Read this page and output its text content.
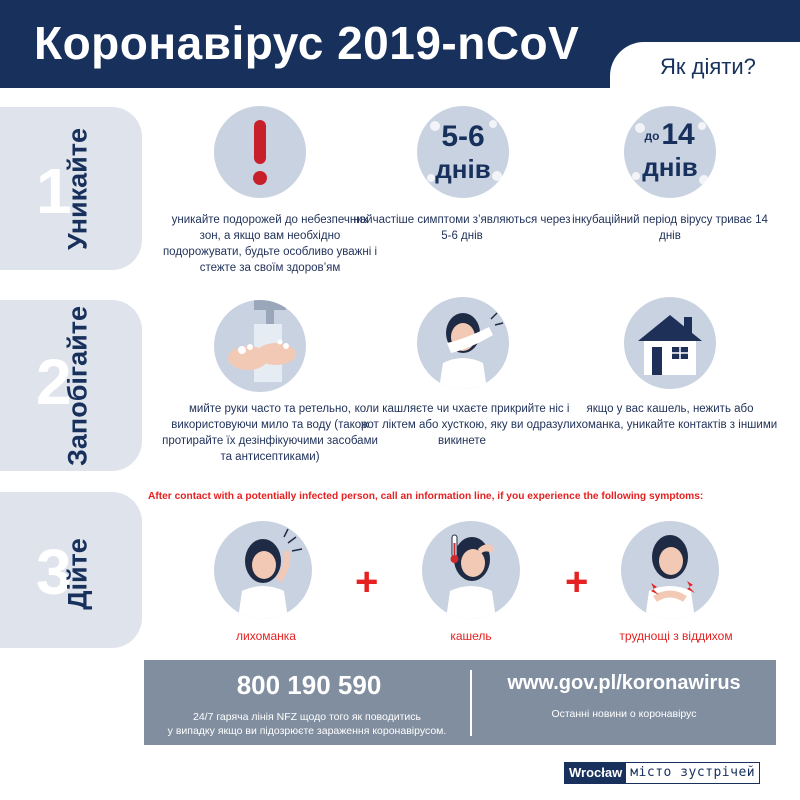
Коронавірус 2019-nCoV	Як діяти?
1
Уникайте	уникайте подорожей до небезпечних зон, а якщо вам необхідно подорожувати, будьте особливо уважні і стежте за своїм здоров’ям
5-6
днів
найчастіше симптоми з’являються через 5-6 днів
до 14
днів
інкубаційний період вірусу триває 14 днів
2
Запобігайте	мийте руки часто та ретельно, використовуючи мило та воду (також протирайте їх дезінфікуючими засобами та антисептиками)
коли кашляєте чи чхаєте прикрийте ніс і рот ліктем або хусткою, яку ви одразу викинете
якщо у вас кашель, нежить або лихоманка, уникайте контактів з іншими
3
Дійте
After contact with a potentially infected person, call an information line, if you experience the following symptoms:
лихоманка
+
кашель
+
труднощі з віддихом
800 190 590
24/7 гаряча лінія NFZ щодо того як поводитись
у випадку якщо ви підозрюєте зараження коронавірусом.
www.gov.pl/koronawirus
Останні новини о коронавірус
Wrocław місто зустрічей
